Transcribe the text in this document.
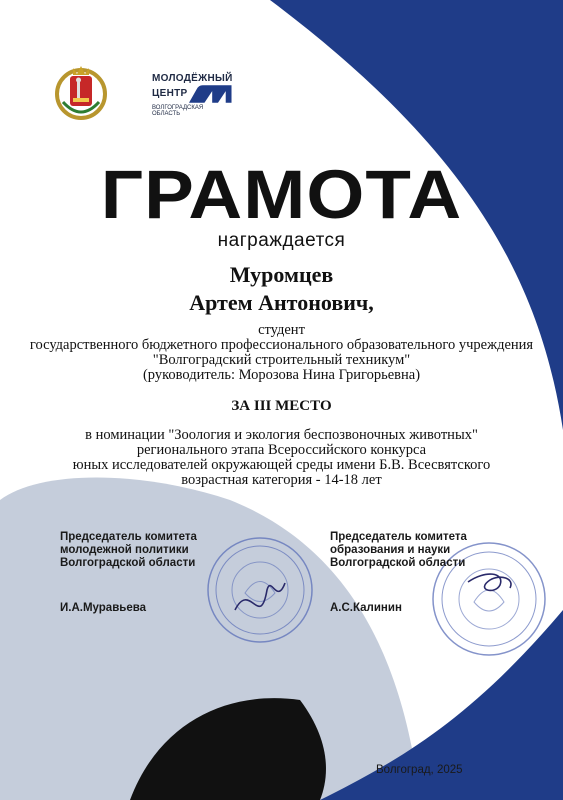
МОЛОДЁЖНЫЙ
ЦЕНТР
ВОЛГОГРАДСКАЯ ОБЛАСТЬ
ГРАМОТА
награждается
Муромцев
Артем Антонович,
студент
государственного бюджетного профессионального образовательного учреждения
"Волгоградский строительный техникум"
(руководитель: Морозова Нина Григорьевна)
ЗА III МЕСТО
в номинации "Зоология и экология беспозвоночных животных"
регионального этапа Всероссийского конкурса
юных исследователей окружающей среды имени Б.В. Всесвятского
возрастная категория - 14-18 лет
Председатель комитета
молодежной политики
Волгоградской области
И.А.Муравьева
Председатель комитета
образования и науки
Волгоградской области
А.С.Калинин
Волгоград, 2025
